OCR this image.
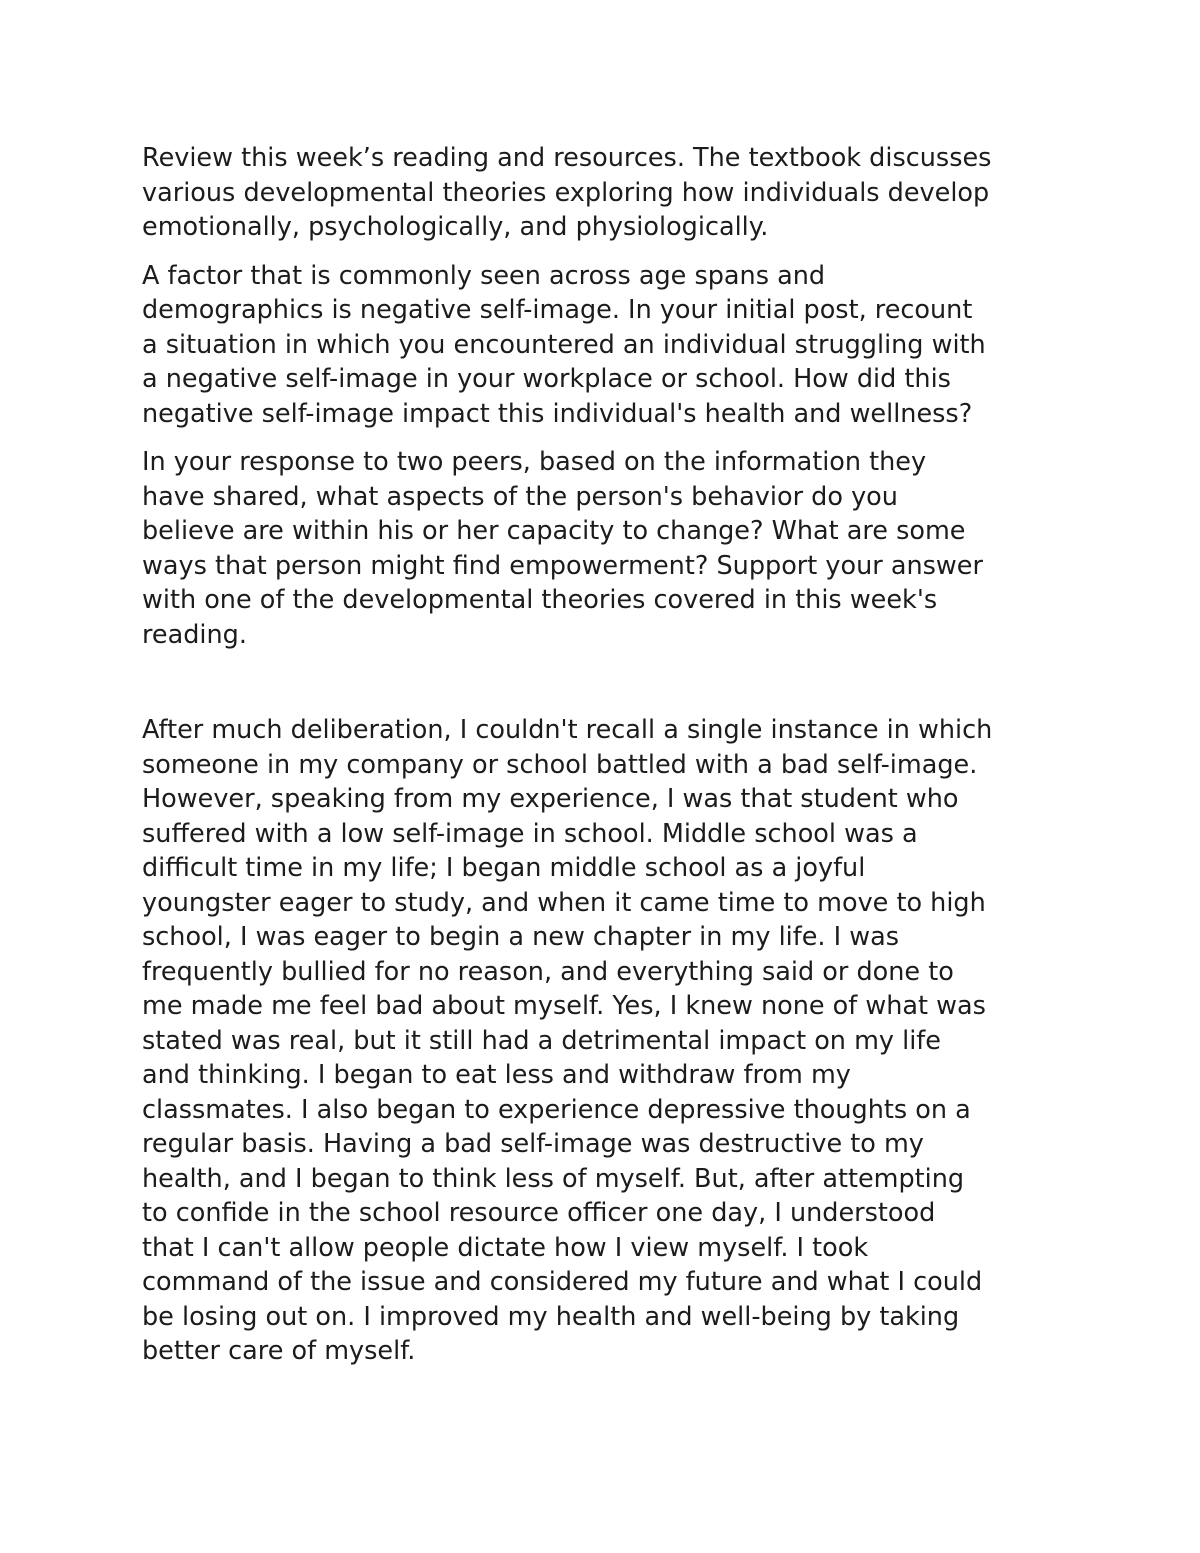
Review this week’s reading and resources. The textbook discusses
various developmental theories exploring how individuals develop
emotionally, psychologically, and physiologically.

A factor that is commonly seen across age spans and
demographics is negative self-image. In your initial post, recount
a situation in which you encountered an individual struggling with
a negative self-image in your workplace or school. How did this
negative self-image impact this individual's health and wellness?

In your response to two peers, based on the information they
have shared, what aspects of the person's behavior do you
believe are within his or her capacity to change? What are some
ways that person might find empowerment? Support your answer
with one of the developmental theories covered in this week's
reading.

After much deliberation, I couldn't recall a single instance in which
someone in my company or school battled with a bad self-image.
However, speaking from my experience, I was that student who
suffered with a low self-image in school. Middle school was a
difficult time in my life; I began middle school as a joyful
youngster eager to study, and when it came time to move to high
school, I was eager to begin a new chapter in my life. I was
frequently bullied for no reason, and everything said or done to
me made me feel bad about myself. Yes, I knew none of what was
stated was real, but it still had a detrimental impact on my life
and thinking. I began to eat less and withdraw from my
classmates. I also began to experience depressive thoughts on a
regular basis. Having a bad self-image was destructive to my
health, and I began to think less of myself. But, after attempting
to confide in the school resource officer one day, I understood
that I can't allow people dictate how I view myself. I took
command of the issue and considered my future and what I could
be losing out on. I improved my health and well-being by taking
better care of myself.
